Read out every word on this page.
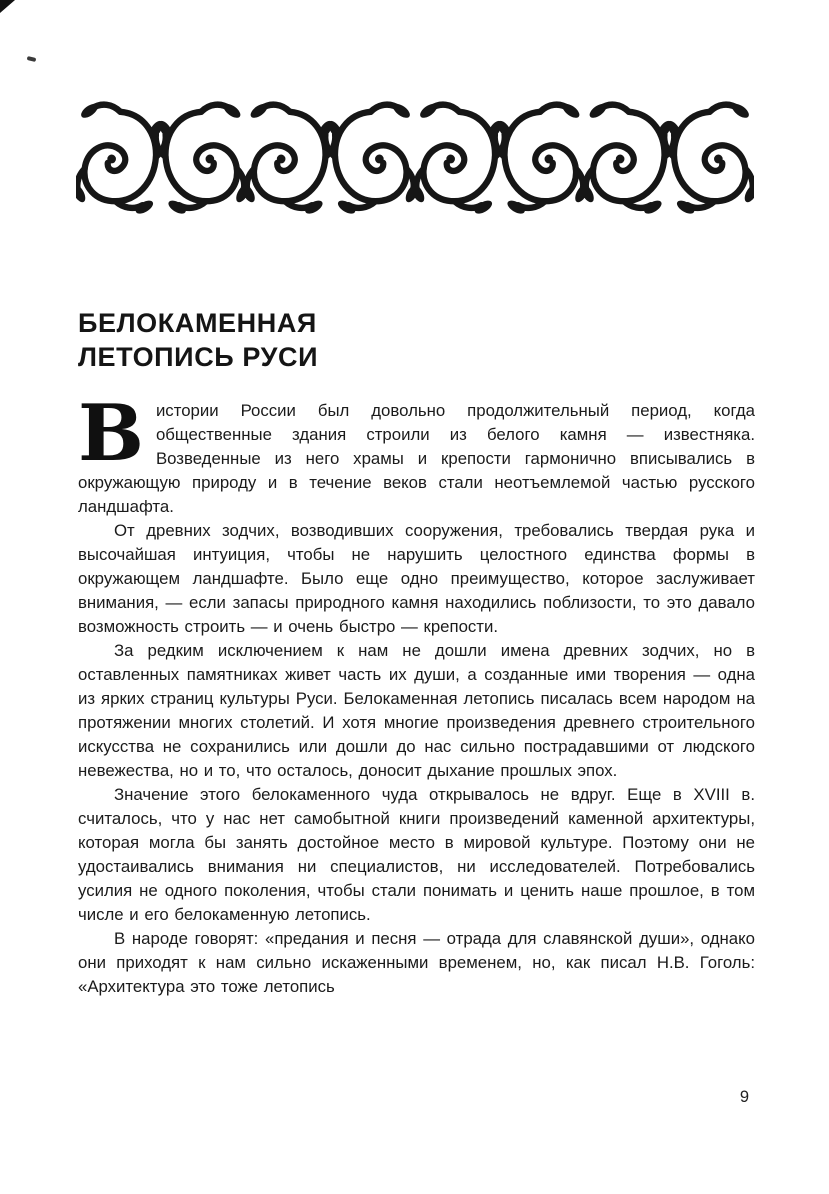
БЕЛОКАМЕННАЯ
ЛЕТОПИСЬ РУСИ

Вистории России был довольно продолжительный период, когда общественные здания строили из белого камня — известняка. Возведенные из него храмы и крепости гармонично вписывались в окружающую природу и в течение веков стали неотъемлемой частью русского ландшафта.

От древних зодчих, возводивших сооружения, требовались твердая рука и высочайшая интуиция, чтобы не нарушить целостного единства формы в окружающем ландшафте. Было еще одно преимущество, которое заслуживает внимания, — если запасы природного камня находились поблизости, то это давало возможность строить — и очень быстро — крепости.

За редким исключением к нам не дошли имена древних зодчих, но в оставленных памятниках живет часть их души, а созданные ими творения — одна из ярких страниц культуры Руси. Белокаменная летопись писалась всем народом на протяжении многих столетий. И хотя многие произведения древнего строительного искусства не сохранились или дошли до нас сильно пострадавшими от людского невежества, но и то, что осталось, доносит дыхание прошлых эпох.

Значение этого белокаменного чуда открывалось не вдруг. Еще в XVIII в. считалось, что у нас нет самобытной книги произведений каменной архитектуры, которая могла бы занять достойное место в мировой культуре. Поэтому они не удостаивались внимания ни специалистов, ни исследователей. Потребовались усилия не одного поколения, чтобы стали понимать и ценить наше прошлое, в том числе и его белокаменную летопись.

В народе говорят: «предания и песня — отрада для славянской души», однако они приходят к нам сильно искаженными временем, но, как писал Н.В. Гоголь: «Архитектура это тоже летопись

9
